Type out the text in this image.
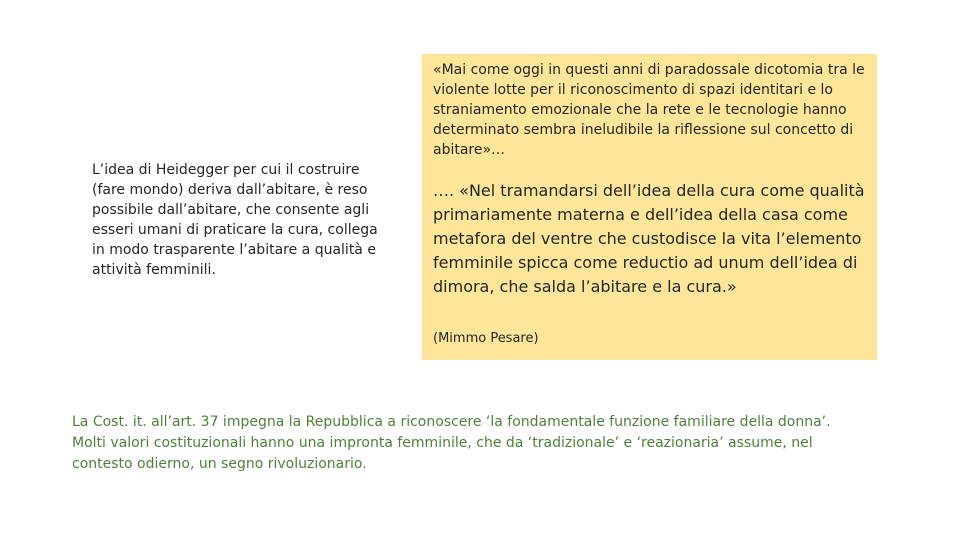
L’idea di Heidegger per cui il costruire (fare mondo) deriva dall’abitare, è reso possibile dall’abitare, che consente agli esseri umani di praticare la cura, collega in modo trasparente l’abitare a qualità e attività femminili.

«Mai come oggi in questi anni di paradossale dicotomia tra le violente lotte per il riconoscimento di spazi identitari e lo straniamento emozionale che la rete e le tecnologie hanno determinato sembra ineludibile la riflessione sul concetto di abitare»…

…. «Nel tramandarsi dell’idea della cura come qualità primariamente materna e dell’idea della casa come metafora del ventre che custodisce la vita l’elemento femminile spicca come reductio ad unum dell’idea di dimora, che salda l’abitare e la cura.»

(Mimmo Pesare)

La Cost. it. all’art. 37 impegna la Repubblica a riconoscere ‘la fondamentale funzione familiare della donna’. Molti valori costituzionali hanno una impronta femminile, che da ‘tradizionale’ e ‘reazionaria’ assume, nel contesto odierno, un segno rivoluzionario.
